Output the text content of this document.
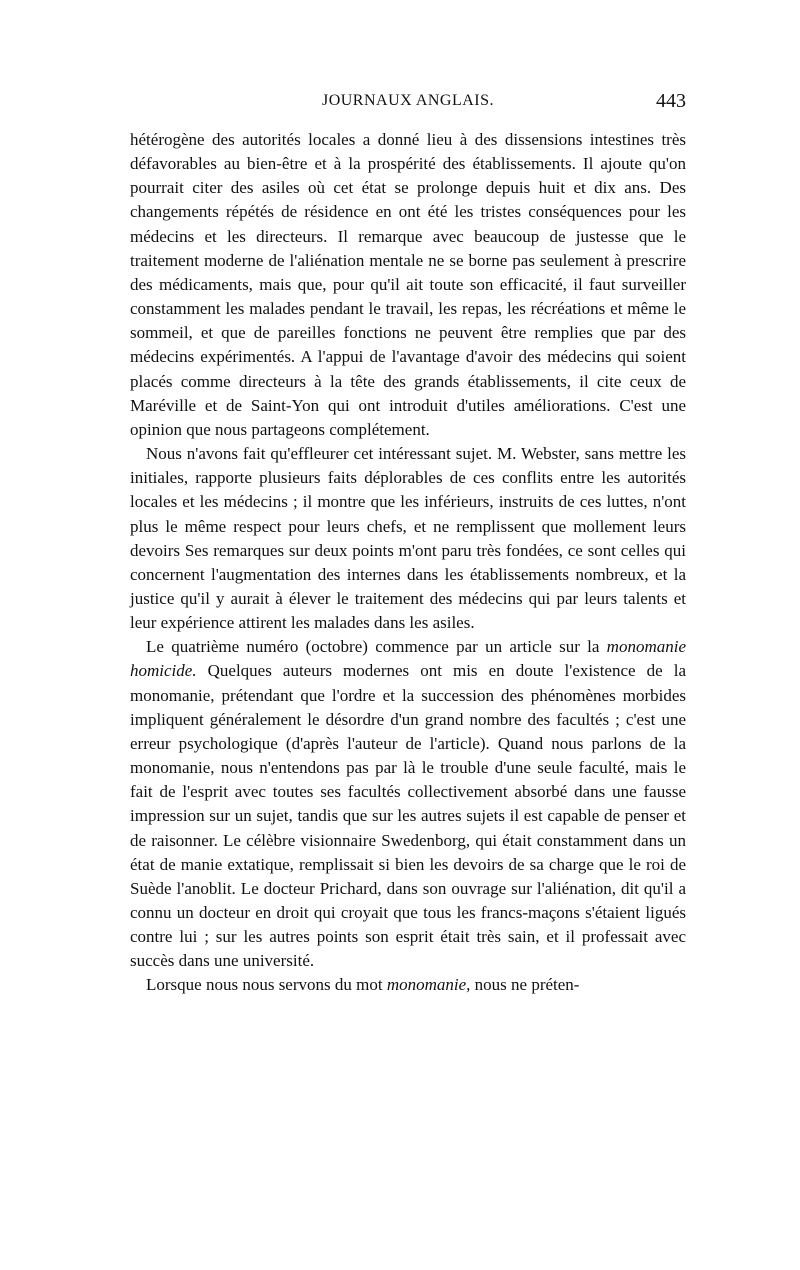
JOURNAUX ANGLAIS.	443

hétérogène des autorités locales a donné lieu à des dissensions intestines très défavorables au bien-être et à la prospérité des établissements. Il ajoute qu'on pourrait citer des asiles où cet état se prolonge depuis huit et dix ans. Des changements répétés de résidence en ont été les tristes conséquences pour les médecins et les directeurs. Il remarque avec beaucoup de justesse que le traitement moderne de l'aliénation mentale ne se borne pas seulement à prescrire des médicaments, mais que, pour qu'il ait toute son efficacité, il faut surveiller constamment les malades pendant le travail, les repas, les récréations et même le sommeil, et que de pareilles fonctions ne peuvent être remplies que par des médecins expérimentés. A l'appui de l'avantage d'avoir des médecins qui soient placés comme directeurs à la tête des grands établissements, il cite ceux de Maréville et de Saint-Yon qui ont introduit d'utiles améliorations. C'est une opinion que nous partageons complétement.

Nous n'avons fait qu'effleurer cet intéressant sujet. M. Webster, sans mettre les initiales, rapporte plusieurs faits déplorables de ces conflits entre les autorités locales et les médecins ; il montre que les inférieurs, instruits de ces luttes, n'ont plus le même respect pour leurs chefs, et ne remplissent que mollement leurs devoirs Ses remarques sur deux points m'ont paru très fondées, ce sont celles qui concernent l'augmentation des internes dans les établissements nombreux, et la justice qu'il y aurait à élever le traitement des médecins qui par leurs talents et leur expérience attirent les malades dans les asiles.

Le quatrième numéro (octobre) commence par un article sur la monomanie homicide. Quelques auteurs modernes ont mis en doute l'existence de la monomanie, prétendant que l'ordre et la succession des phénomènes morbides impliquent généralement le désordre d'un grand nombre des facultés ; c'est une erreur psychologique (d'après l'auteur de l'article). Quand nous parlons de la monomanie, nous n'entendons pas par là le trouble d'une seule faculté, mais le fait de l'esprit avec toutes ses facultés collectivement absorbé dans une fausse impression sur un sujet, tandis que sur les autres sujets il est capable de penser et de raisonner. Le célèbre visionnaire Swedenborg, qui était constamment dans un état de manie extatique, remplissait si bien les devoirs de sa charge que le roi de Suède l'anoblit. Le docteur Prichard, dans son ouvrage sur l'aliénation, dit qu'il a connu un docteur en droit qui croyait que tous les francs-maçons s'étaient ligués contre lui ; sur les autres points son esprit était très sain, et il professait avec succès dans une université.

Lorsque nous nous servons du mot monomanie, nous ne préten-
